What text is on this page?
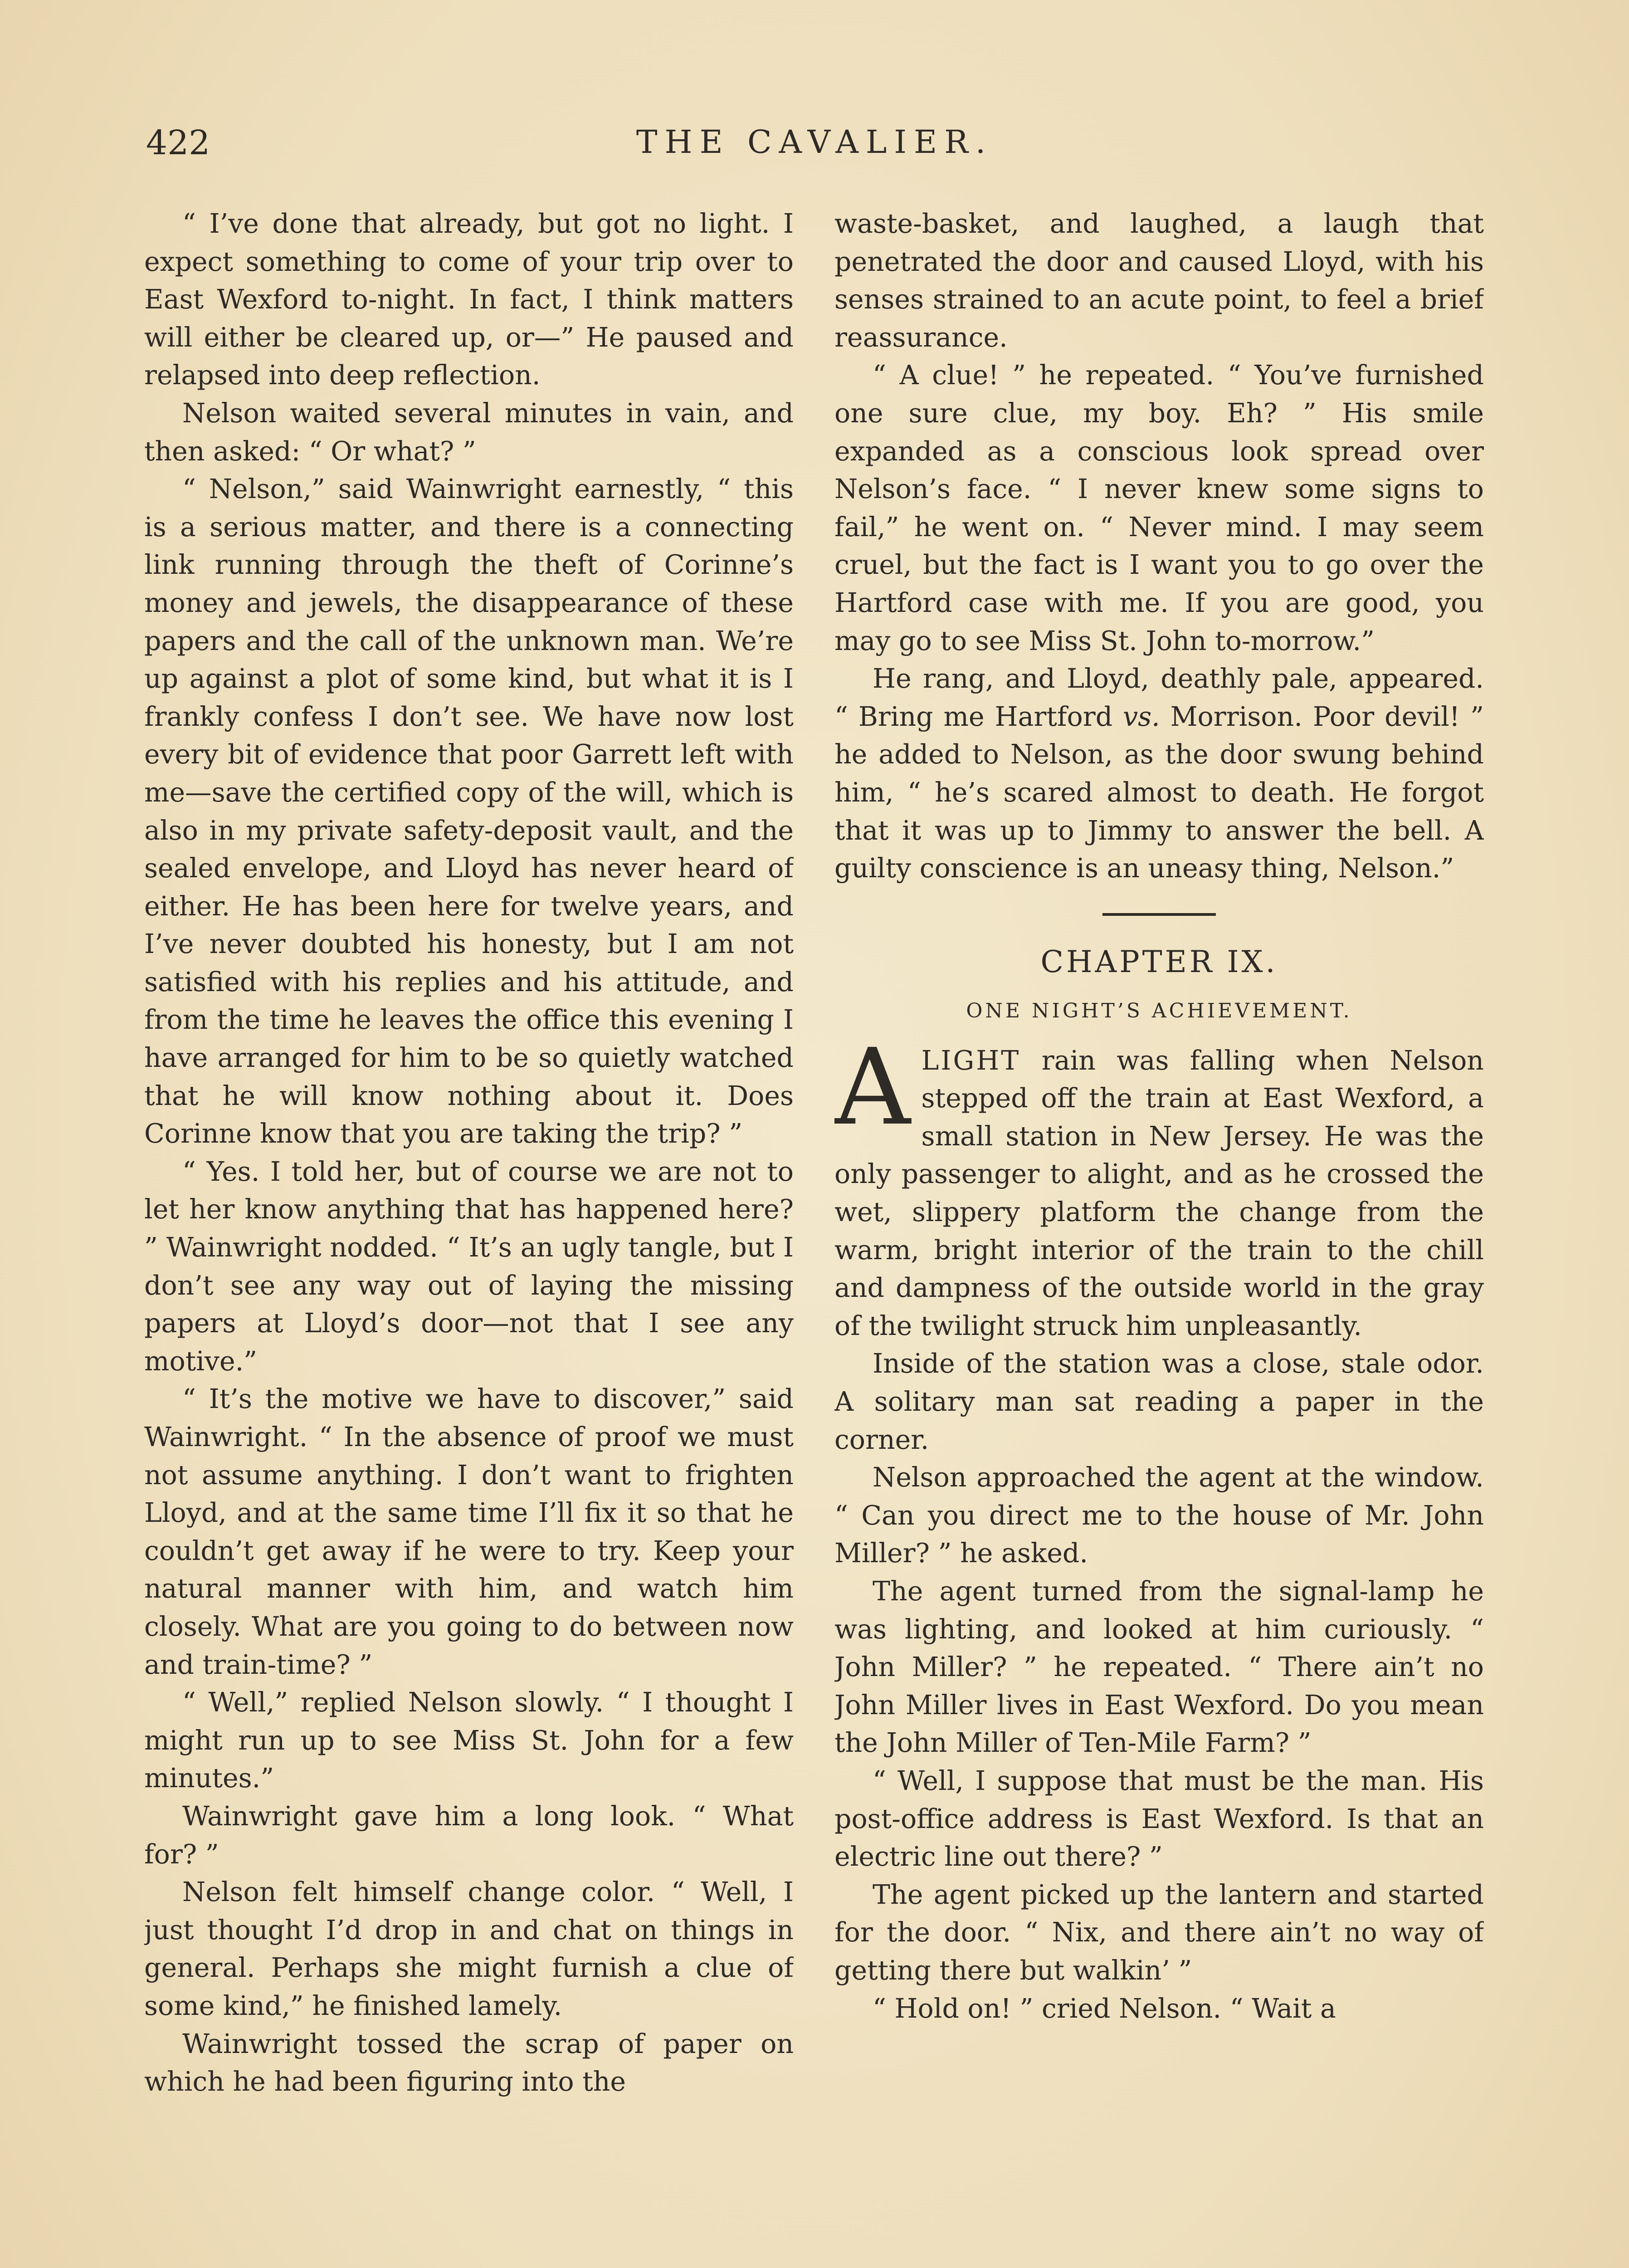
422	THE CAVALIER.

“ I’ve done that already, but got no light. I expect something to come of your trip over to East Wexford to-night. In fact, I think matters will either be cleared up, or—” He paused and relapsed into deep reflection.

Nelson waited several minutes in vain, and then asked: “ Or what? ”

“ Nelson,” said Wainwright earnestly, “ this is a serious matter, and there is a connecting link running through the theft of Corinne’s money and jewels, the disappearance of these papers and the call of the unknown man. We’re up against a plot of some kind, but what it is I frankly confess I don’t see. We have now lost every bit of evidence that poor Garrett left with me—save the certified copy of the will, which is also in my private safety-deposit vault, and the sealed envelope, and Lloyd has never heard of either. He has been here for twelve years, and I’ve never doubted his honesty, but I am not satisfied with his replies and his attitude, and from the time he leaves the office this evening I have arranged for him to be so quietly watched that he will know nothing about it. Does Corinne know that you are taking the trip? ”

“ Yes. I told her, but of course we are not to let her know anything that has happened here? ” Wainwright nodded. “ It’s an ugly tangle, but I don’t see any way out of laying the missing papers at Lloyd’s door—not that I see any motive.”

“ It’s the motive we have to discover,” said Wainwright. “ In the absence of proof we must not assume anything. I don’t want to frighten Lloyd, and at the same time I’ll fix it so that he couldn’t get away if he were to try. Keep your natural manner with him, and watch him closely. What are you going to do between now and train-time? ”

“ Well,” replied Nelson slowly. “ I thought I might run up to see Miss St. John for a few minutes.”

Wainwright gave him a long look. “ What for? ”

Nelson felt himself change color. “ Well, I just thought I’d drop in and chat on things in general. Perhaps she might furnish a clue of some kind,” he finished lamely.

Wainwright tossed the scrap of paper on which he had been figuring into the

waste-basket, and laughed, a laugh that penetrated the door and caused Lloyd, with his senses strained to an acute point, to feel a brief reassurance.

“ A clue! ” he repeated. “ You’ve furnished one sure clue, my boy. Eh? ” His smile expanded as a conscious look spread over Nelson’s face. “ I never knew some signs to fail,” he went on. “ Never mind. I may seem cruel, but the fact is I want you to go over the Hartford case with me. If you are good, you may go to see Miss St. John to-morrow.”

He rang, and Lloyd, deathly pale, appeared. “ Bring me Hartford vs. Morrison. Poor devil! ” he added to Nelson, as the door swung behind him, “ he’s scared almost to death. He forgot that it was up to Jimmy to answer the bell. A guilty conscience is an uneasy thing, Nelson.”

CHAPTER IX.
ONE NIGHT’S ACHIEVEMENT.

ALIGHT rain was falling when Nelson stepped off the train at East Wexford, a small station in New Jersey. He was the only passenger to alight, and as he crossed the wet, slippery platform the change from the warm, bright interior of the train to the chill and dampness of the outside world in the gray of the twilight struck him unpleasantly.

Inside of the station was a close, stale odor. A solitary man sat reading a paper in the corner.

Nelson approached the agent at the window. “ Can you direct me to the house of Mr. John Miller? ” he asked.

The agent turned from the signal-lamp he was lighting, and looked at him curiously. “ John Miller? ” he repeated. “ There ain’t no John Miller lives in East Wexford. Do you mean the John Miller of Ten-Mile Farm? ”

“ Well, I suppose that must be the man. His post-office address is East Wexford. Is that an electric line out there? ”

The agent picked up the lantern and started for the door. “ Nix, and there ain’t no way of getting there but walkin’ ”

“ Hold on! ” cried Nelson. “ Wait a
